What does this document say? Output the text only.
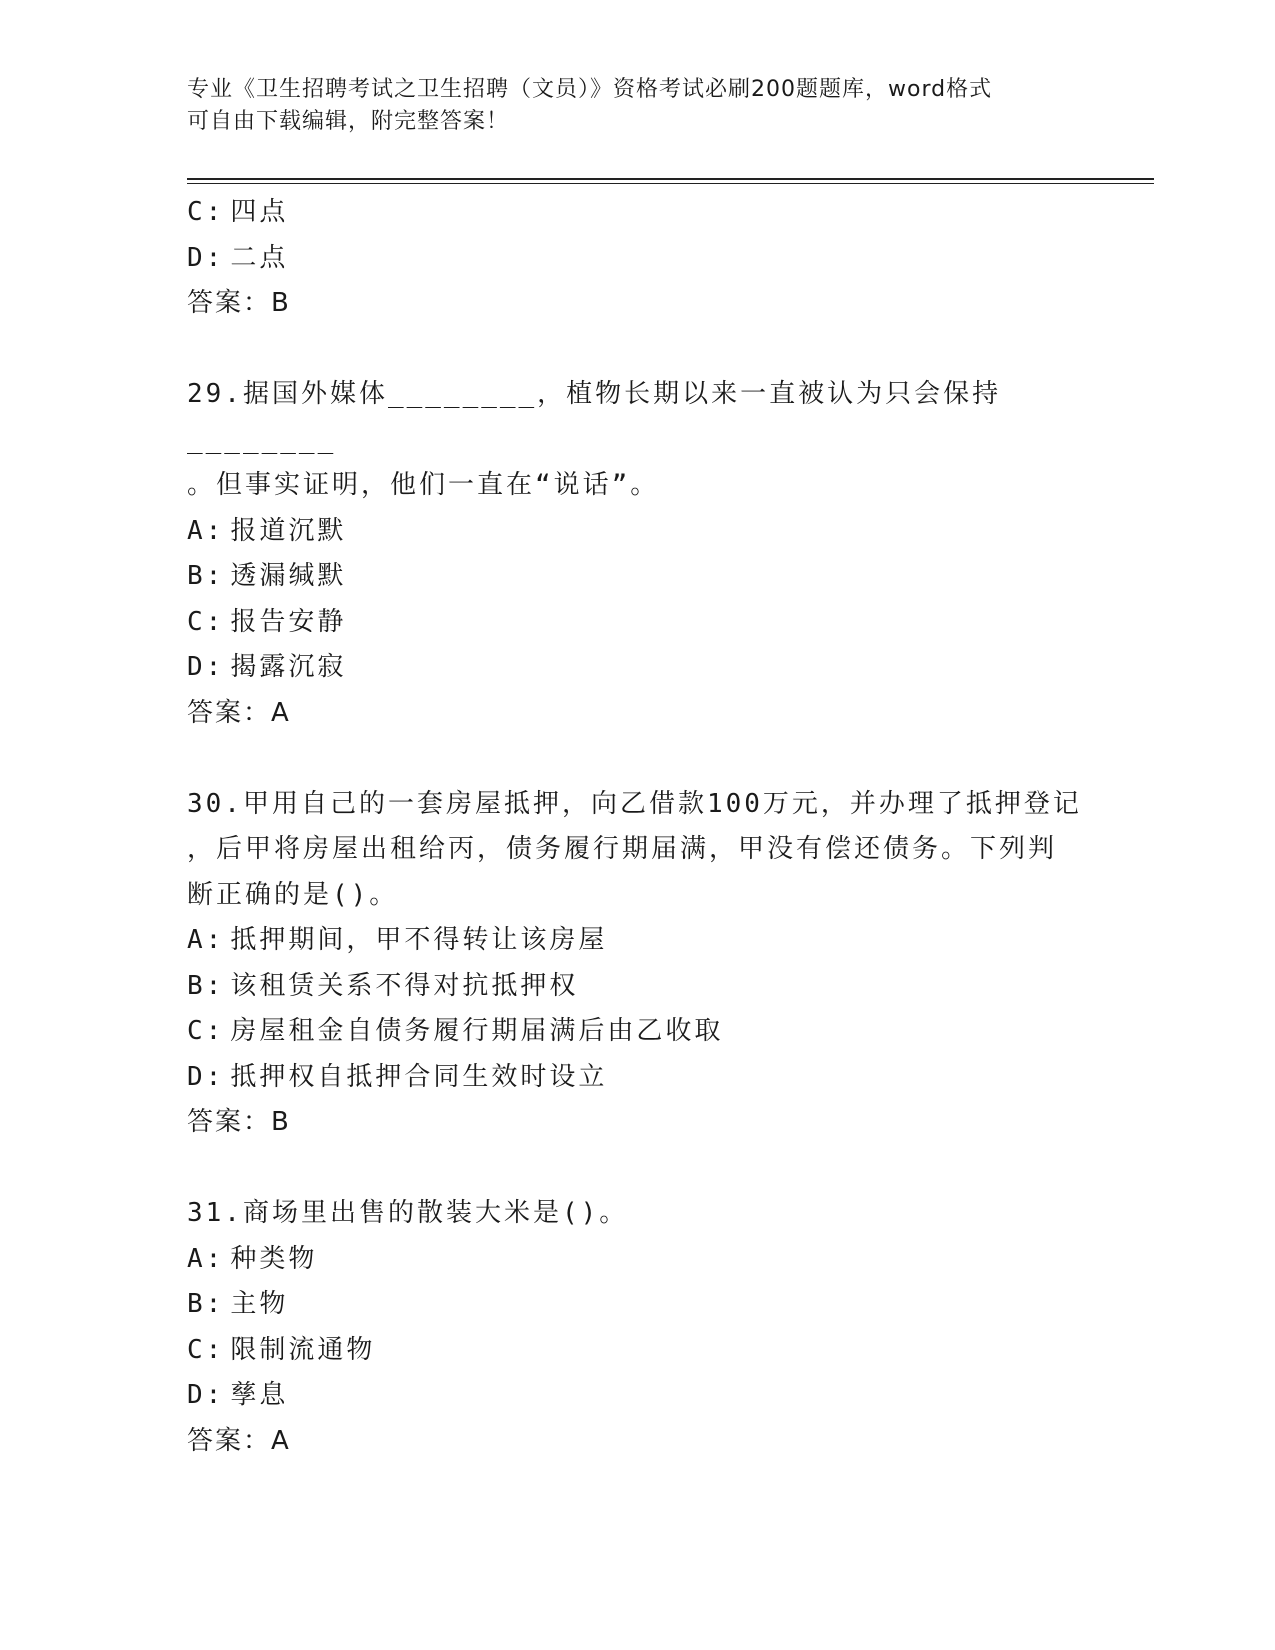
专业《卫生招聘考试之卫生招聘（文员）》资格考试必刷200题题库，word格式
可自由下载编辑，附完整答案！
C: 四点
D: 二点
答案：B
29.据国外媒体________，植物长期以来一直被认为只会保持________
。但事实证明，他们一直在“说话”。
A: 报道沉默
B: 透漏缄默
C: 报告安静
D: 揭露沉寂
答案：A
30.甲用自己的一套房屋抵押，向乙借款100万元，并办理了抵押登记
，后甲将房屋出租给丙，债务履行期届满，甲没有偿还债务。下列判
断正确的是()。
A: 抵押期间，甲不得转让该房屋
B: 该租赁关系不得对抗抵押权
C: 房屋租金自债务履行期届满后由乙收取
D: 抵押权自抵押合同生效时设立
答案：B
31.商场里出售的散装大米是()。
A: 种类物
B: 主物
C: 限制流通物
D: 孳息
答案：A
